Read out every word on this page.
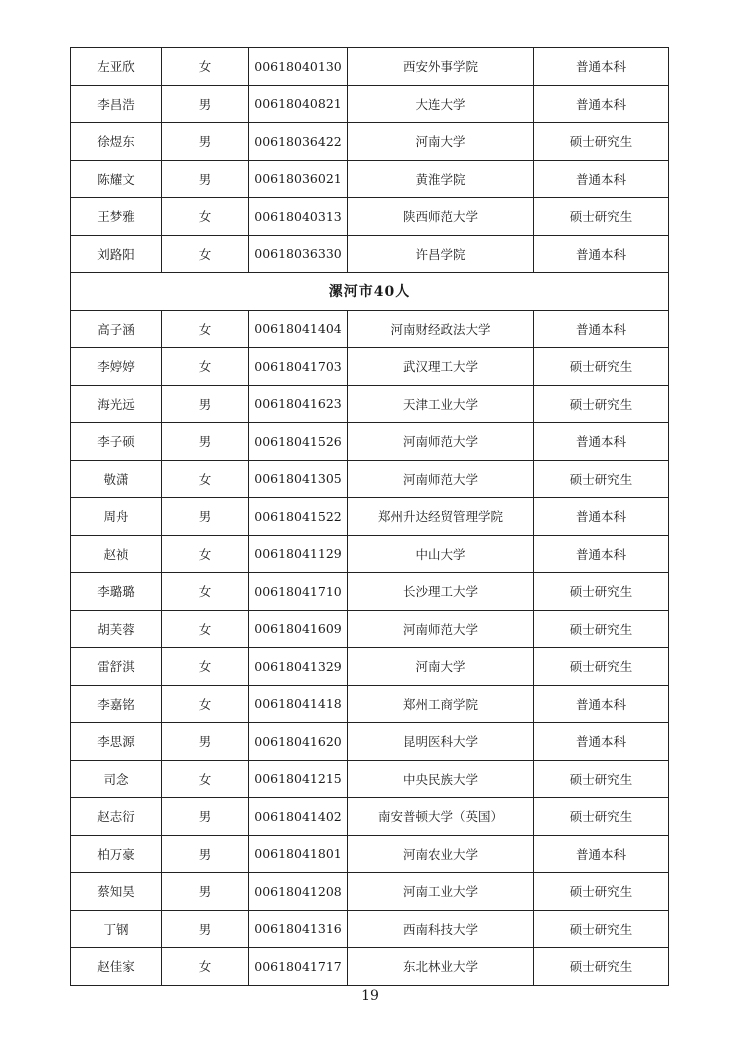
左亚欣	女	00618040130	西安外事学院	普通本科
李昌浩	男	00618040821	大连大学	普通本科
徐煜东	男	00618036422	河南大学	硕士研究生
陈耀文	男	00618036021	黄淮学院	普通本科
王梦雅	女	00618040313	陕西师范大学	硕士研究生
刘路阳	女	00618036330	许昌学院	普通本科
漯河市40人				
高子涵	女	00618041404	河南财经政法大学	普通本科
李婷婷	女	00618041703	武汉理工大学	硕士研究生
海光远	男	00618041623	天津工业大学	硕士研究生
李子硕	男	00618041526	河南师范大学	普通本科
敬潇	女	00618041305	河南师范大学	硕士研究生
周舟	男	00618041522	郑州升达经贸管理学院	普通本科
赵祯	女	00618041129	中山大学	普通本科
李璐璐	女	00618041710	长沙理工大学	硕士研究生
胡芙蓉	女	00618041609	河南师范大学	硕士研究生
雷舒淇	女	00618041329	河南大学	硕士研究生
李嘉铭	女	00618041418	郑州工商学院	普通本科
李思源	男	00618041620	昆明医科大学	普通本科
司念	女	00618041215	中央民族大学	硕士研究生
赵志衍	男	00618041402	南安普顿大学（英国）	硕士研究生
柏万豪	男	00618041801	河南农业大学	普通本科
蔡知昊	男	00618041208	河南工业大学	硕士研究生
丁钢	男	00618041316	西南科技大学	硕士研究生
赵佳家	女	00618041717	东北林业大学	硕士研究生
19
